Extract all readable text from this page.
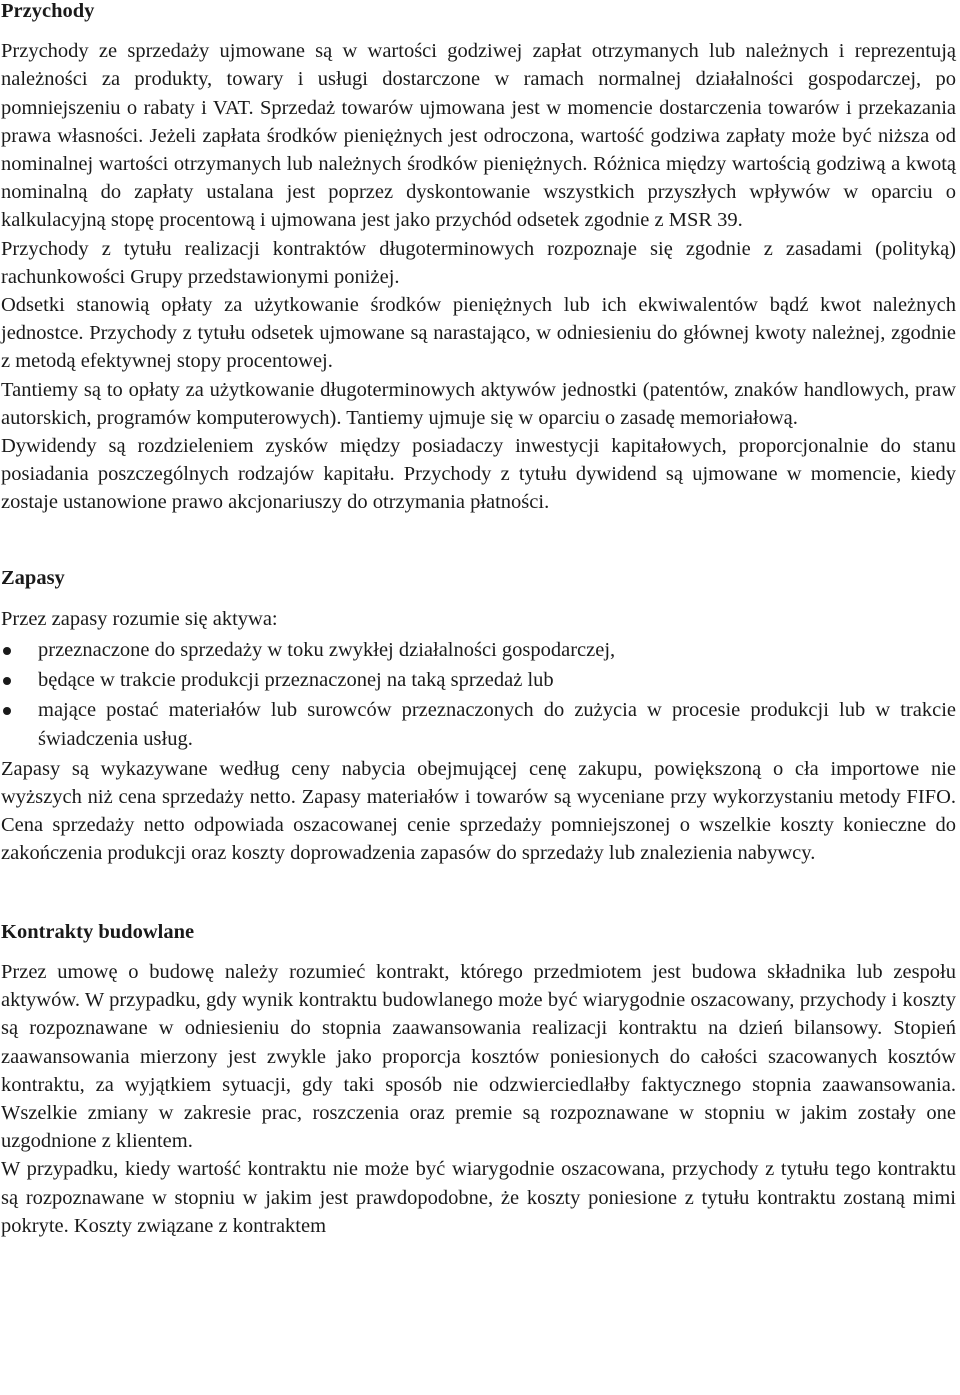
Przychody

Przychody ze sprzedaży ujmowane są w wartości godziwej zapłat otrzymanych lub należnych i reprezentują należności za produkty, towary i usługi dostarczone w ramach normalnej działalności gospodarczej, po pomniejszeniu o rabaty i VAT. Sprzedaż towarów ujmowana jest w momencie dostarczenia towarów i przekazania prawa własności. Jeżeli zapłata środków pieniężnych jest odroczona, wartość godziwa zapłaty może być niższa od nominalnej wartości otrzymanych lub należnych środków pieniężnych. Różnica między wartością godziwą a kwotą nominalną do zapłaty ustalana jest poprzez dyskontowanie wszystkich przyszłych wpływów w oparciu o kalkulacyjną stopę procentową i ujmowana jest jako przychód odsetek zgodnie z MSR 39.

Przychody z tytułu realizacji kontraktów długoterminowych rozpoznaje się zgodnie z zasadami (polityką) rachunkowości Grupy przedstawionymi poniżej.

Odsetki stanowią opłaty za użytkowanie środków pieniężnych lub ich ekwiwalentów bądź kwot należnych jednostce. Przychody z tytułu odsetek ujmowane są narastająco, w odniesieniu do głównej kwoty należnej, zgodnie z metodą efektywnej stopy procentowej.

Tantiemy są to opłaty za użytkowanie długoterminowych aktywów jednostki (patentów, znaków handlowych, praw autorskich, programów komputerowych). Tantiemy ujmuje się w oparciu o zasadę memoriałową.

Dywidendy są rozdzieleniem zysków między posiadaczy inwestycji kapitałowych, proporcjonalnie do stanu posiadania poszczególnych rodzajów kapitału. Przychody z tytułu dywidend są ujmowane w momencie, kiedy zostaje ustanowione prawo akcjonariuszy do otrzymania płatności.

Zapasy

Przez zapasy rozumie się aktywa:

przeznaczone do sprzedaży w toku zwykłej działalności gospodarczej,
będące w trakcie produkcji przeznaczonej na taką sprzedaż lub
mające postać materiałów lub surowców przeznaczonych do zużycia w procesie produkcji lub w trakcie świadczenia usług.

Zapasy są wykazywane według ceny nabycia obejmującej cenę zakupu, powiększoną o cła importowe nie wyższych niż cena sprzedaży netto. Zapasy materiałów i towarów są wyceniane przy wykorzystaniu metody FIFO. Cena sprzedaży netto odpowiada oszacowanej cenie sprzedaży pomniejszonej o wszelkie koszty konieczne do zakończenia produkcji oraz koszty doprowadzenia zapasów do sprzedaży lub znalezienia nabywcy.

Kontrakty budowlane

Przez umowę o budowę należy rozumieć kontrakt, którego przedmiotem jest budowa składnika lub zespołu aktywów. W przypadku, gdy wynik kontraktu budowlanego może być wiarygodnie oszacowany, przychody i koszty są rozpoznawane w odniesieniu do stopnia zaawansowania realizacji kontraktu na dzień bilansowy. Stopień zaawansowania mierzony jest zwykle jako proporcja kosztów poniesionych do całości szacowanych kosztów kontraktu, za wyjątkiem sytuacji, gdy taki sposób nie odzwierciedlałby faktycznego stopnia zaawansowania. Wszelkie zmiany w zakresie prac, roszczenia oraz premie są rozpoznawane w stopniu w jakim zostały one uzgodnione z klientem.

W przypadku, kiedy wartość kontraktu nie może być wiarygodnie oszacowana, przychody z tytułu tego kontraktu są rozpoznawane w stopniu w jakim jest prawdopodobne, że koszty poniesione z tytułu kontraktu zostaną mimi pokryte. Koszty związane z kontraktem
